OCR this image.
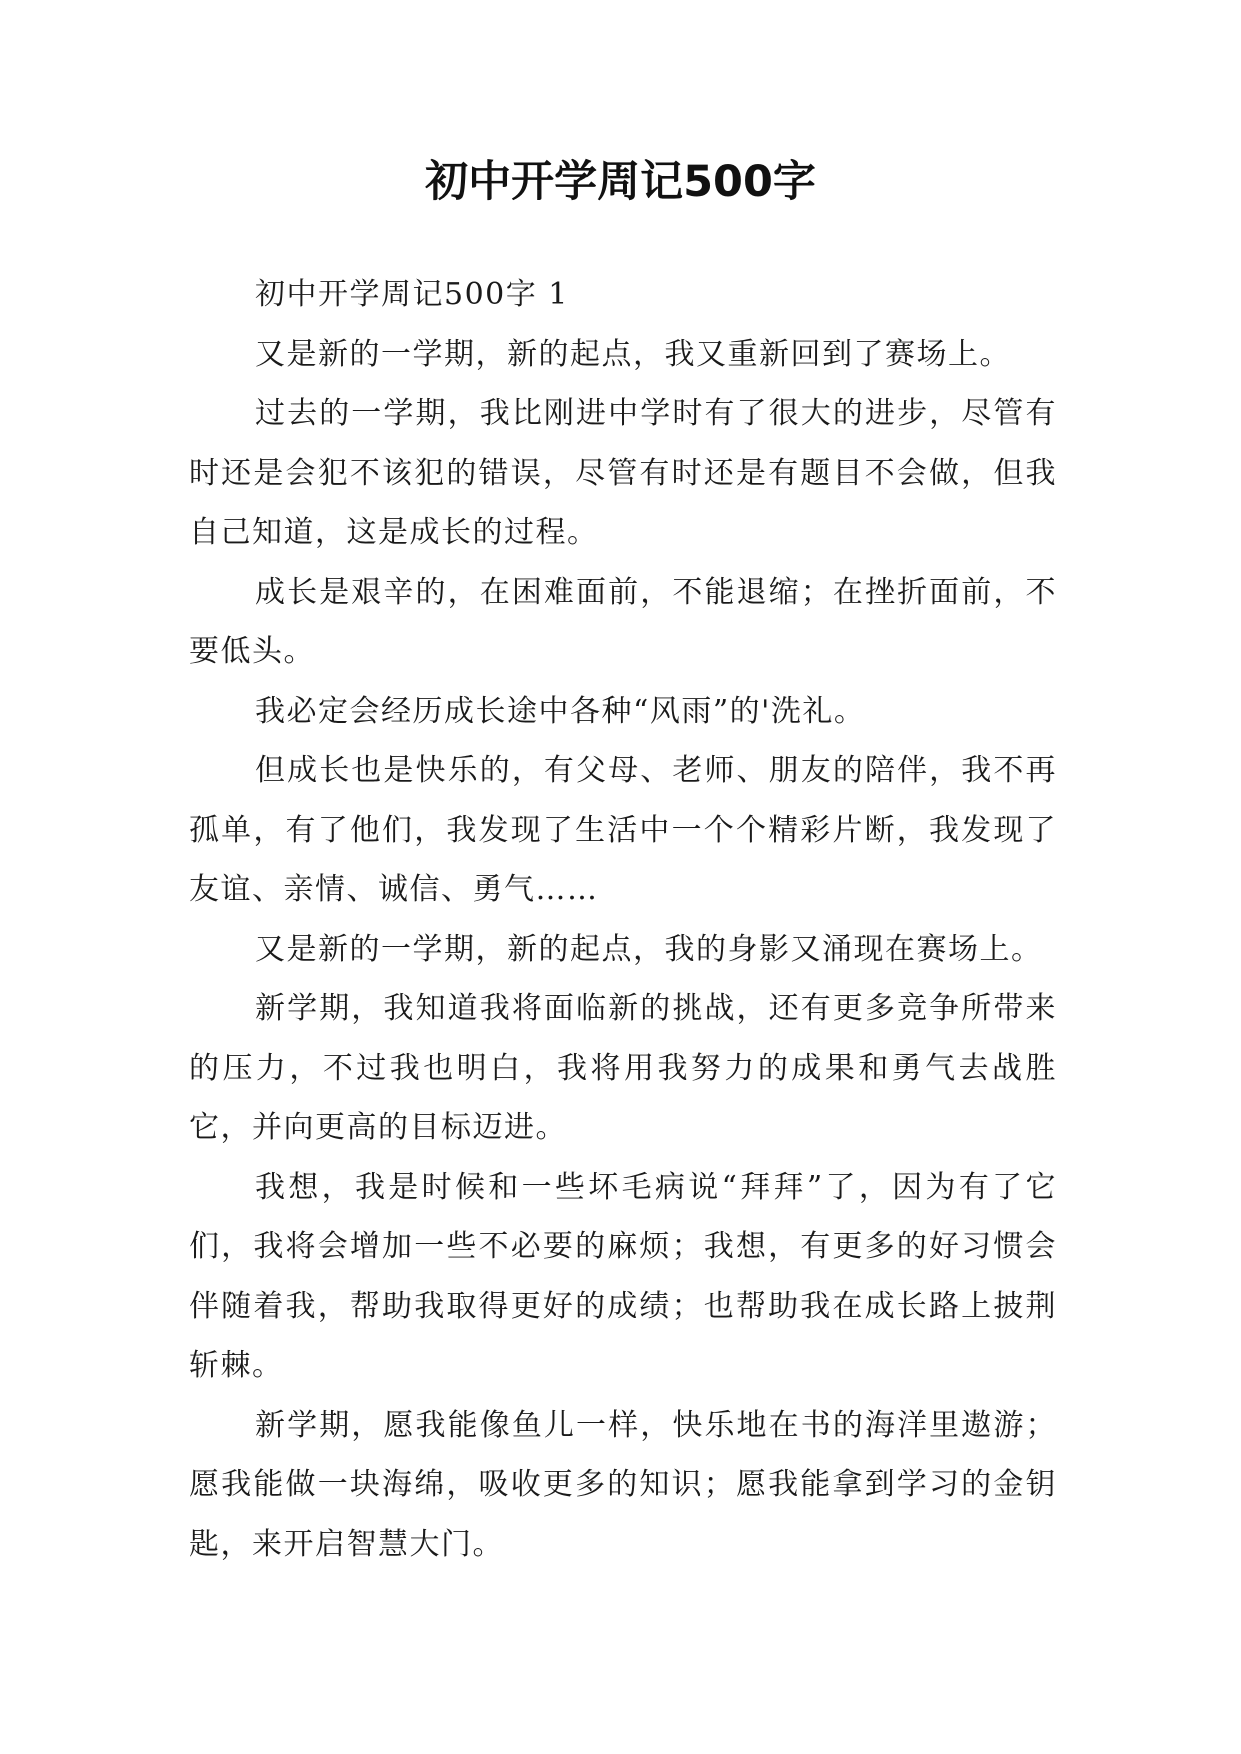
初中开学周记500字

初中开学周记500字 1

又是新的一学期，新的起点，我又重新回到了赛场上。

过去的一学期，我比刚进中学时有了很大的进步，尽管有时还是会犯不该犯的错误，尽管有时还是有题目不会做，但我自己知道，这是成长的过程。

成长是艰辛的，在困难面前，不能退缩；在挫折面前，不要低头。

我必定会经历成长途中各种“风雨”的'洗礼。

但成长也是快乐的，有父母、老师、朋友的陪伴，我不再孤单，有了他们，我发现了生活中一个个精彩片断，我发现了友谊、亲情、诚信、勇气……

又是新的一学期，新的起点，我的身影又涌现在赛场上。

新学期，我知道我将面临新的挑战，还有更多竞争所带来的压力，不过我也明白，我将用我努力的成果和勇气去战胜它，并向更高的目标迈进。

我想，我是时候和一些坏毛病说“拜拜”了，因为有了它们，我将会增加一些不必要的麻烦；我想，有更多的好习惯会伴随着我，帮助我取得更好的成绩；也帮助我在成长路上披荆斩棘。

新学期，愿我能像鱼儿一样，快乐地在书的海洋里遨游；愿我能做一块海绵，吸收更多的知识；愿我能拿到学习的金钥匙，来开启智慧大门。
